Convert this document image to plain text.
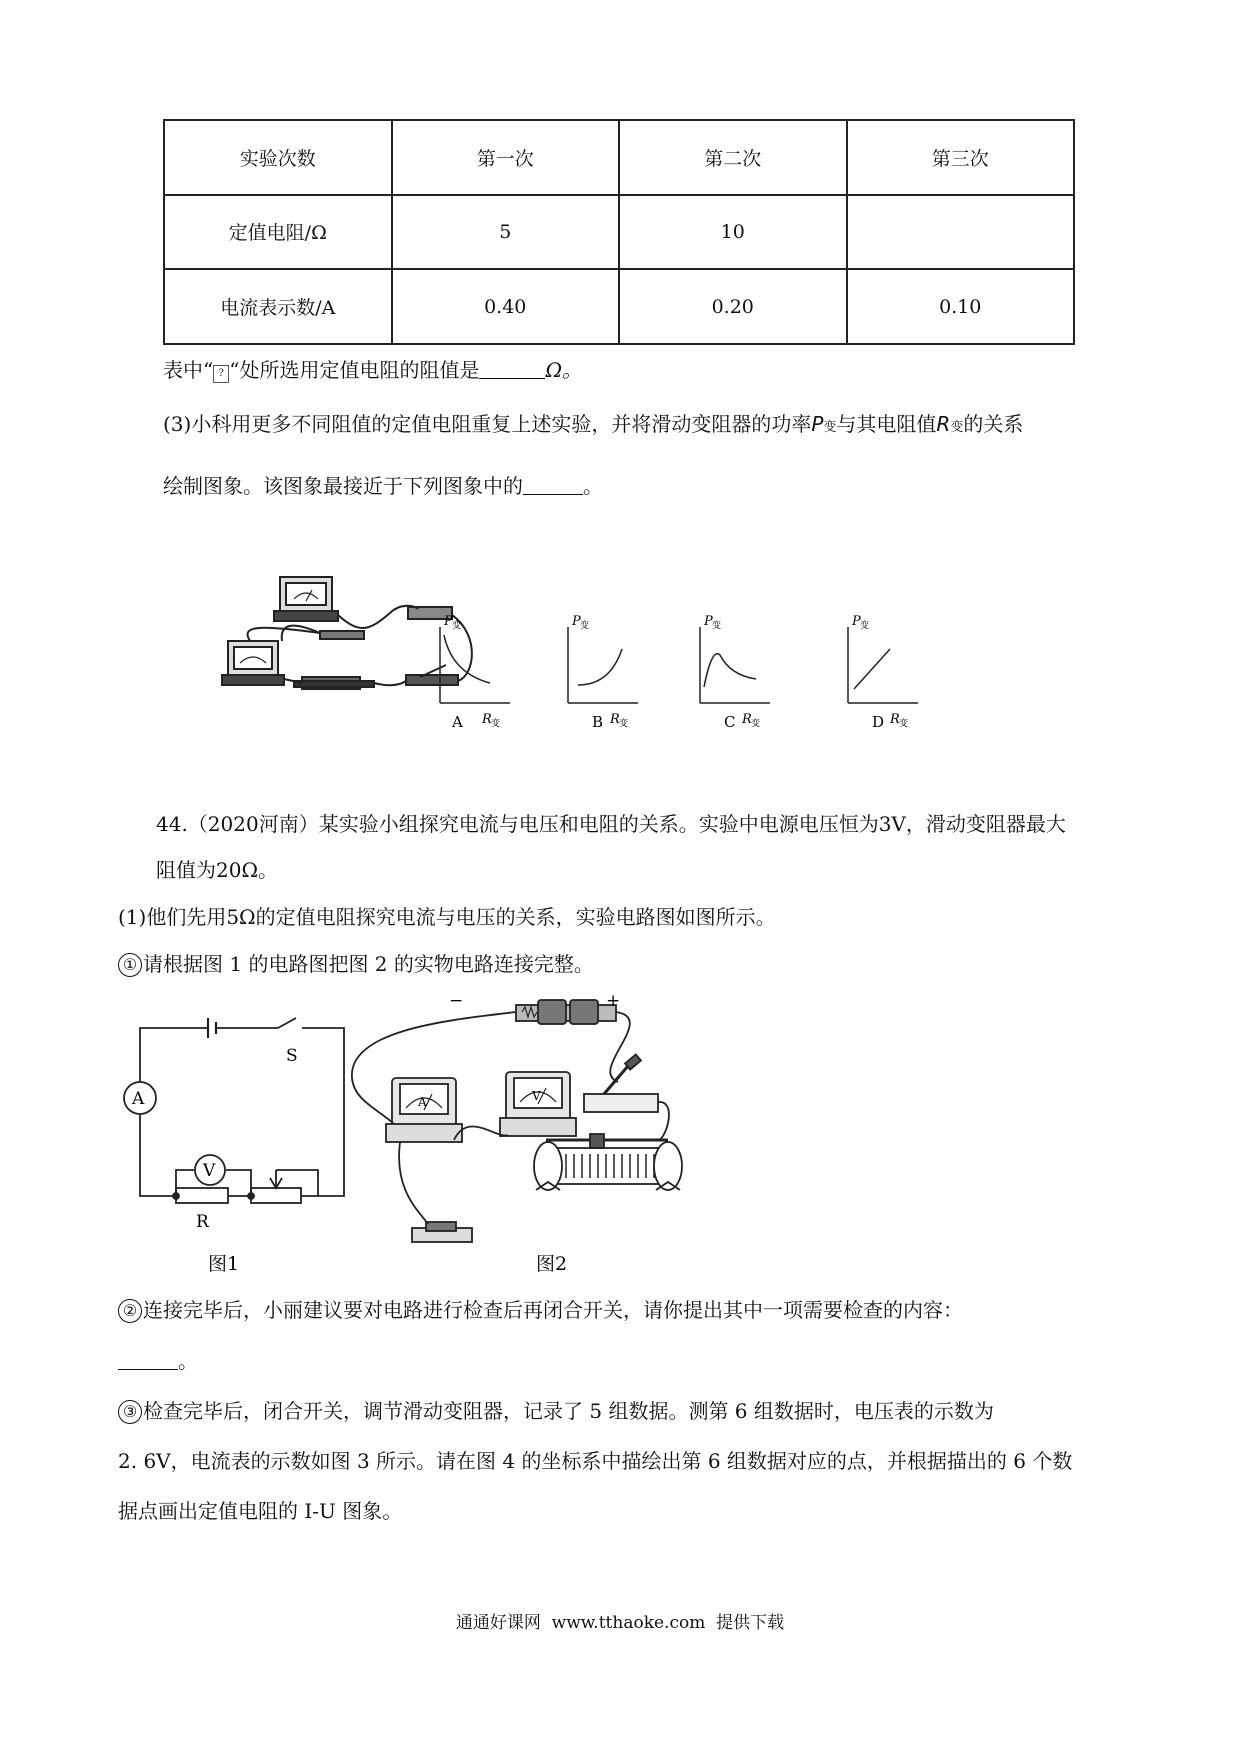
实验次数	第一次	第二次	第三次
定值电阻/Ω	5	10	
电流表示数/A	0.40	0.20	0.10
表中“ ? “处所选用定值电阻的阻值是	Ω。
(3)小科用更多不同阻值的定值电阻重复上述实验，并将滑动变阻器的功率P变与其电阻值R变的关系
绘制图象。该图象最接近于下列图象中的	。
P 变
R 变
A
P 变
R 变
B
P 变
R 变
C
P 变
R 变
D
44.（2020河南）某实验小组探究电流与电压和电阻的关系。实验中电源电压恒为3V，滑动变阻器最大
阻值为20Ω。
(1)他们先用5Ω的定值电阻探究电流与电压的关系，实验电路图如图所示。
① 请根据图 1 的电路图把图 2 的实物电路连接完整。
A
V
S
R
图1
−	+
A	V
图2
② 连接完毕后，小丽建议要对电路进行检查后再闭合开关，请你提出其中一项需要检查的内容：
。
③ 检查完毕后，闭合开关，调节滑动变阻器，记录了 5 组数据。测第 6 组数据时，电压表的示数为
2. 6V，电流表的示数如图 3 所示。请在图 4 的坐标系中描绘出第 6 组数据对应的点，并根据描出的 6 个数
据点画出定值电阻的 I-U 图象。
通通好课网  www.tthaoke.com  提供下载
